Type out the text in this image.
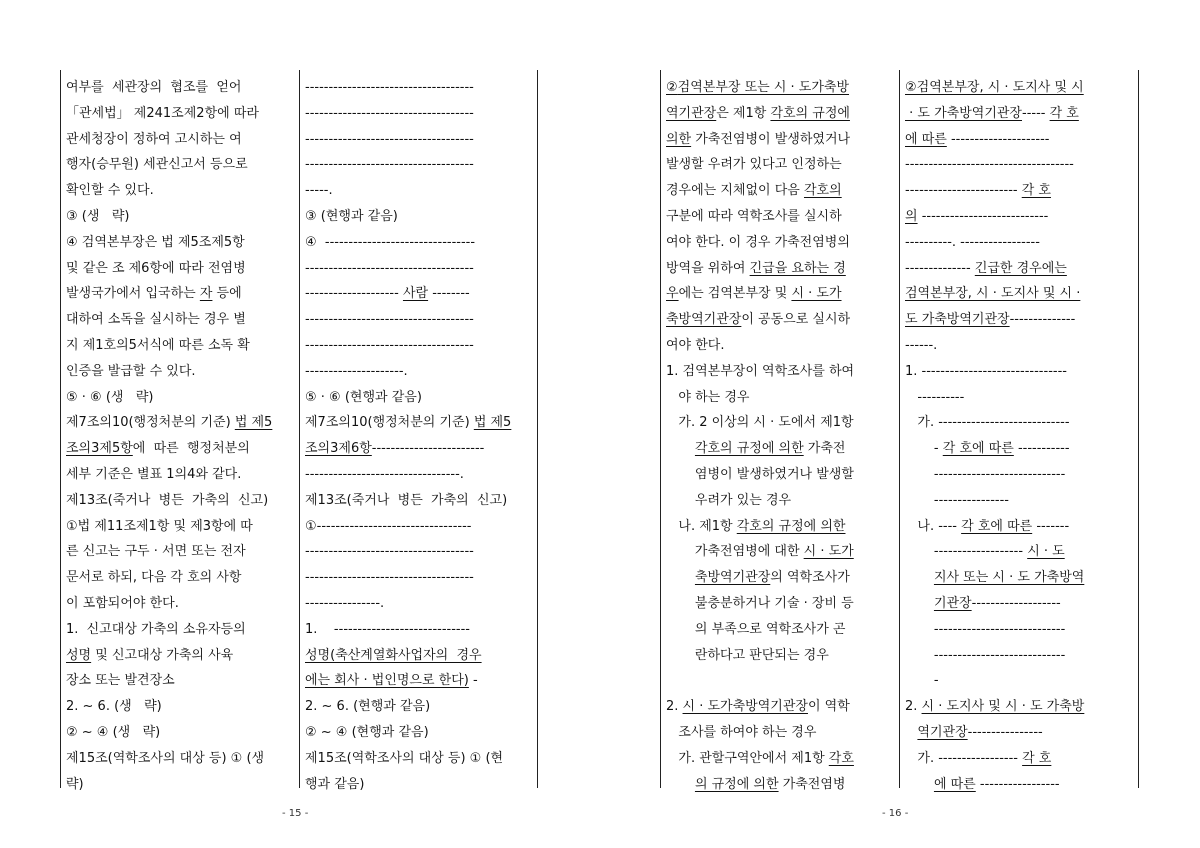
여부를  세관장의  협조를  얻어
「관세법」 제241조제2항에 따라
관세청장이 정하여 고시하는 여
행자(승무원) 세관신고서 등으로
확인할 수 있다.
③ (생   략)
④ 검역본부장은 법 제5조제5항
및 같은 조 제6항에 따라 전염병
발생국가에서 입국하는 자 등에
대하여 소독을 실시하는 경우 별
지 제1호의5서식에 따른 소독 확
인증을 발급할 수 있다.
⑤ · ⑥ (생   략)
제7조의10(행정처분의 기준) 법 제5
조의3제5항에  따른  행정처분의
세부 기준은 별표 1의4와 같다.
제13조(죽거나  병든  가축의  신고)
①법 제11조제1항 및 제3항에 따
른 신고는 구두 · 서면 또는 전자
문서로 하되, 다음 각 호의 사항
이 포함되어야 한다.
1.  신고대상 가축의 소유자등의
성명 및 신고대상 가축의 사육
장소 또는 발견장소
2. ~ 6. (생   략)
② ~ ④ (생   략)
제15조(역학조사의 대상 등) ① (생
략)
------------------------------------
------------------------------------
------------------------------------
------------------------------------
-----.
③ (현행과 같음)
④  --------------------------------
------------------------------------
-------------------- 사람 --------
------------------------------------
------------------------------------
---------------------.
⑤ · ⑥ (현행과 같음)
제7조의10(행정처분의 기준) 법 제5
조의3제6항------------------------
---------------------------------.
제13조(죽거나  병든  가축의  신고)
①---------------------------------
------------------------------------
------------------------------------
----------------.
1.    -----------------------------
성명(축산계열화사업자의  경우
에는 회사 · 법인명으로 한다) -
2. ~ 6. (현행과 같음)
② ~ ④ (현행과 같음)
제15조(역학조사의 대상 등) ① (현
행과 같음)
- 15 -
②검역본부장 또는 시 · 도가축방
역기관장은 제1항 각호의 규정에
의한 가축전염병이 발생하였거나
발생할 우려가 있다고 인정하는
경우에는 지체없이 다음 각호의
구분에 따라 역학조사를 실시하
여야 한다. 이 경우 가축전염병의
방역을 위하여 긴급을 요하는 경
우에는 검역본부장 및 시 · 도가
축방역기관장이 공동으로 실시하
여야 한다.
1. 검역본부장이 역학조사를 하여
야 하는 경우
가. 2 이상의 시 · 도에서 제1항
각호의 규정에 의한 가축전
염병이 발생하였거나 발생할
우려가 있는 경우
나. 제1항 각호의 규정에 의한
가축전염병에 대한 시 · 도가
축방역기관장의 역학조사가
불충분하거나 기술 · 장비 등
의 부족으로 역학조사가 곤
란하다고 판단되는 경우
2. 시 · 도가축방역기관장이 역학
조사를 하여야 하는 경우
가. 관할구역안에서 제1항 각호
의 규정에 의한 가축전염병
②검역본부장, 시 · 도지사 및 시
· 도 가축방역기관장----- 각 호
에 따른 ---------------------
------------------------------------
------------------------ 각 호
의 ---------------------------
----------. -----------------
-------------- 긴급한 경우에는
검역본부장, 시 · 도지사 및 시 ·
도 가축방역기관장--------------
------.
1. -------------------------------
----------
가. ----------------------------
- 각 호에 따른 -----------
----------------------------
----------------
나. ---- 각 호에 따른 -------
------------------- 시 · 도
지사 또는 시 · 도 가축방역
기관장-------------------
----------------------------
----------------------------
-
2. 시 · 도지사 및 시 · 도 가축방
역기관장----------------
가. ----------------- 각 호
에 따른 -----------------
- 16 -
